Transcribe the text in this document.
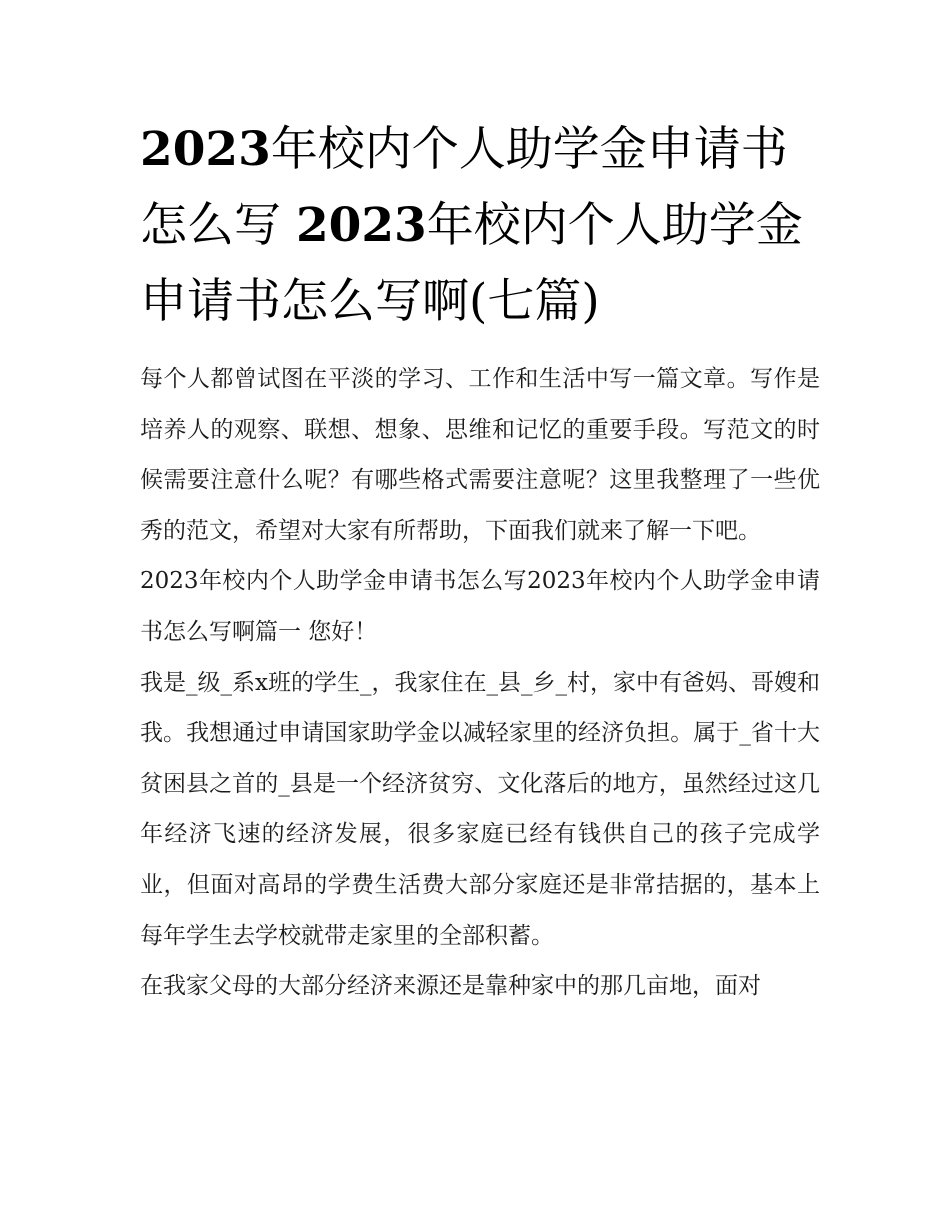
2023年校内个人助学金申请书怎么写 2023年校内个人助学金申请书怎么写啊(七篇)

每个人都曾试图在平淡的学习、工作和生活中写一篇文章。写作是培养人的观察、联想、想象、思维和记忆的重要手段。写范文的时候需要注意什么呢？有哪些格式需要注意呢？这里我整理了一些优秀的范文，希望对大家有所帮助，下面我们就来了解一下吧。

2023年校内个人助学金申请书怎么写2023年校内个人助学金申请书怎么写啊篇一 您好！

我是_级_系x班的学生_，我家住在_县_乡_村，家中有爸妈、哥嫂和我。我想通过申请国家助学金以减轻家里的经济负担。属于_省十大贫困县之首的_县是一个经济贫穷、文化落后的地方，虽然经过这几年经济飞速的经济发展，很多家庭已经有钱供自己的孩子完成学业，但面对高昂的学费生活费大部分家庭还是非常拮据的，基本上每年学生去学校就带走家里的全部积蓄。

在我家父母的大部分经济来源还是靠种家中的那几亩地，面对
